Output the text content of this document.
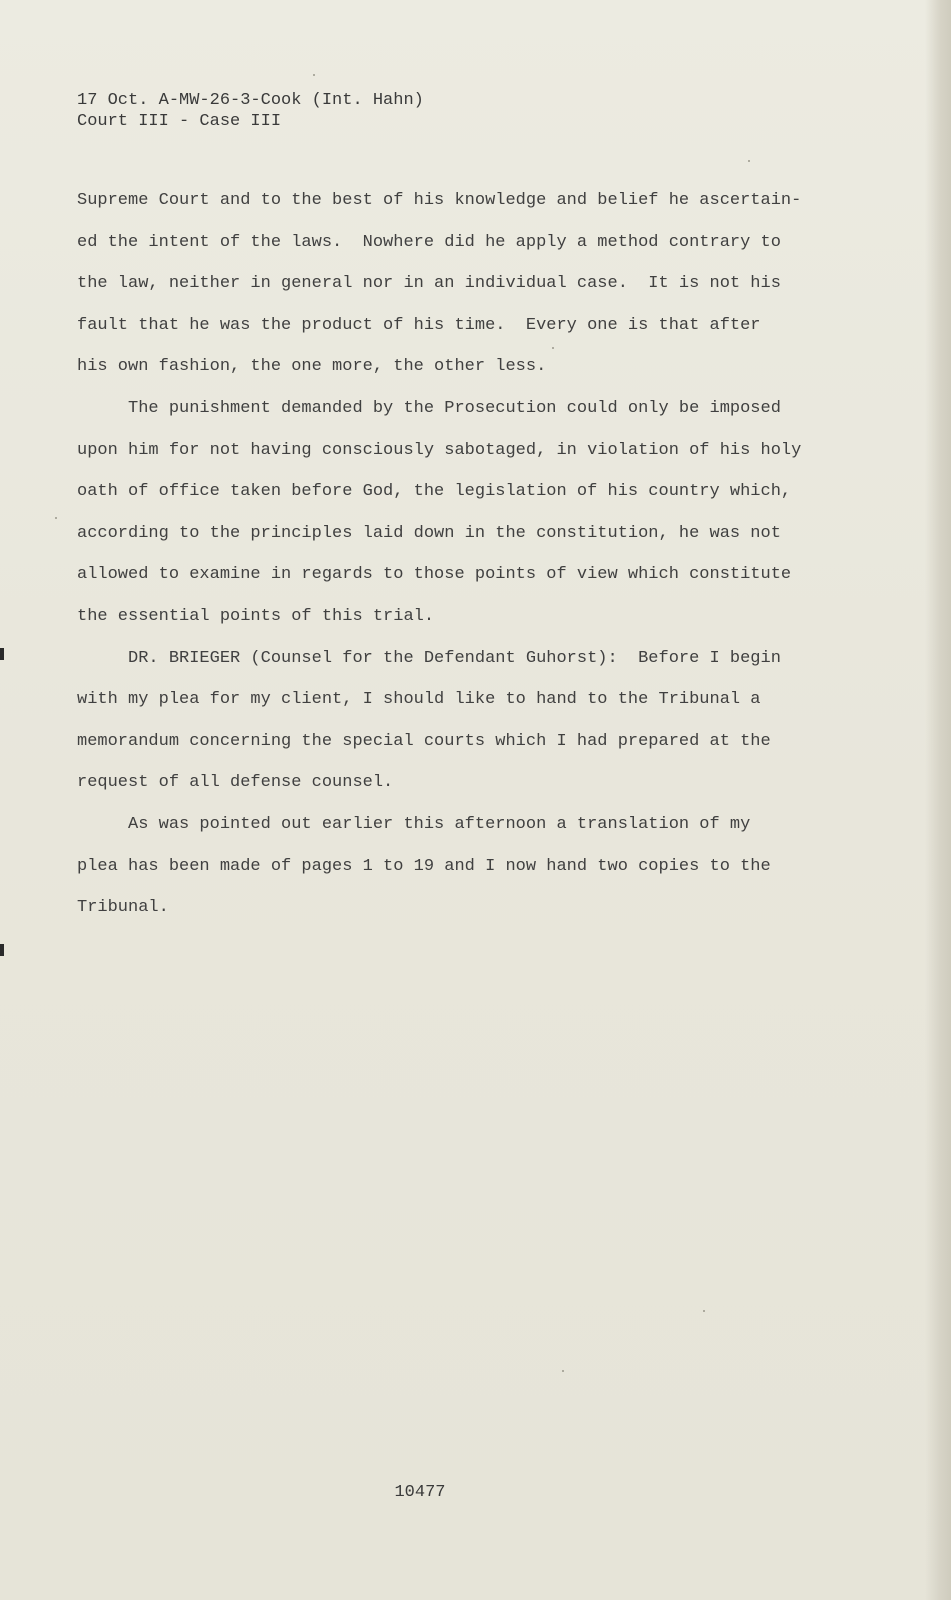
17 Oct. A-MW-26-3-Cook (Int. Hahn)
Court III - Case III
Supreme Court and to the best of his knowledge and belief he ascertain-
ed the intent of the laws.  Nowhere did he apply a method contrary to
the law, neither in general nor in an individual case.  It is not his
fault that he was the product of his time.  Every one is that after
his own fashion, the one more, the other less.
The punishment demanded by the Prosecution could only be imposed
upon him for not having consciously sabotaged, in violation of his holy
oath of office taken before God, the legislation of his country which,
according to the principles laid down in the constitution, he was not
allowed to examine in regards to those points of view which constitute
the essential points of this trial.
DR. BRIEGER (Counsel for the Defendant Guhorst):  Before I begin
with my plea for my client, I should like to hand to the Tribunal a
memorandum concerning the special courts which I had prepared at the
request of all defense counsel.
As was pointed out earlier this afternoon a translation of my
plea has been made of pages 1 to 19 and I now hand two copies to the
Tribunal.
10477
